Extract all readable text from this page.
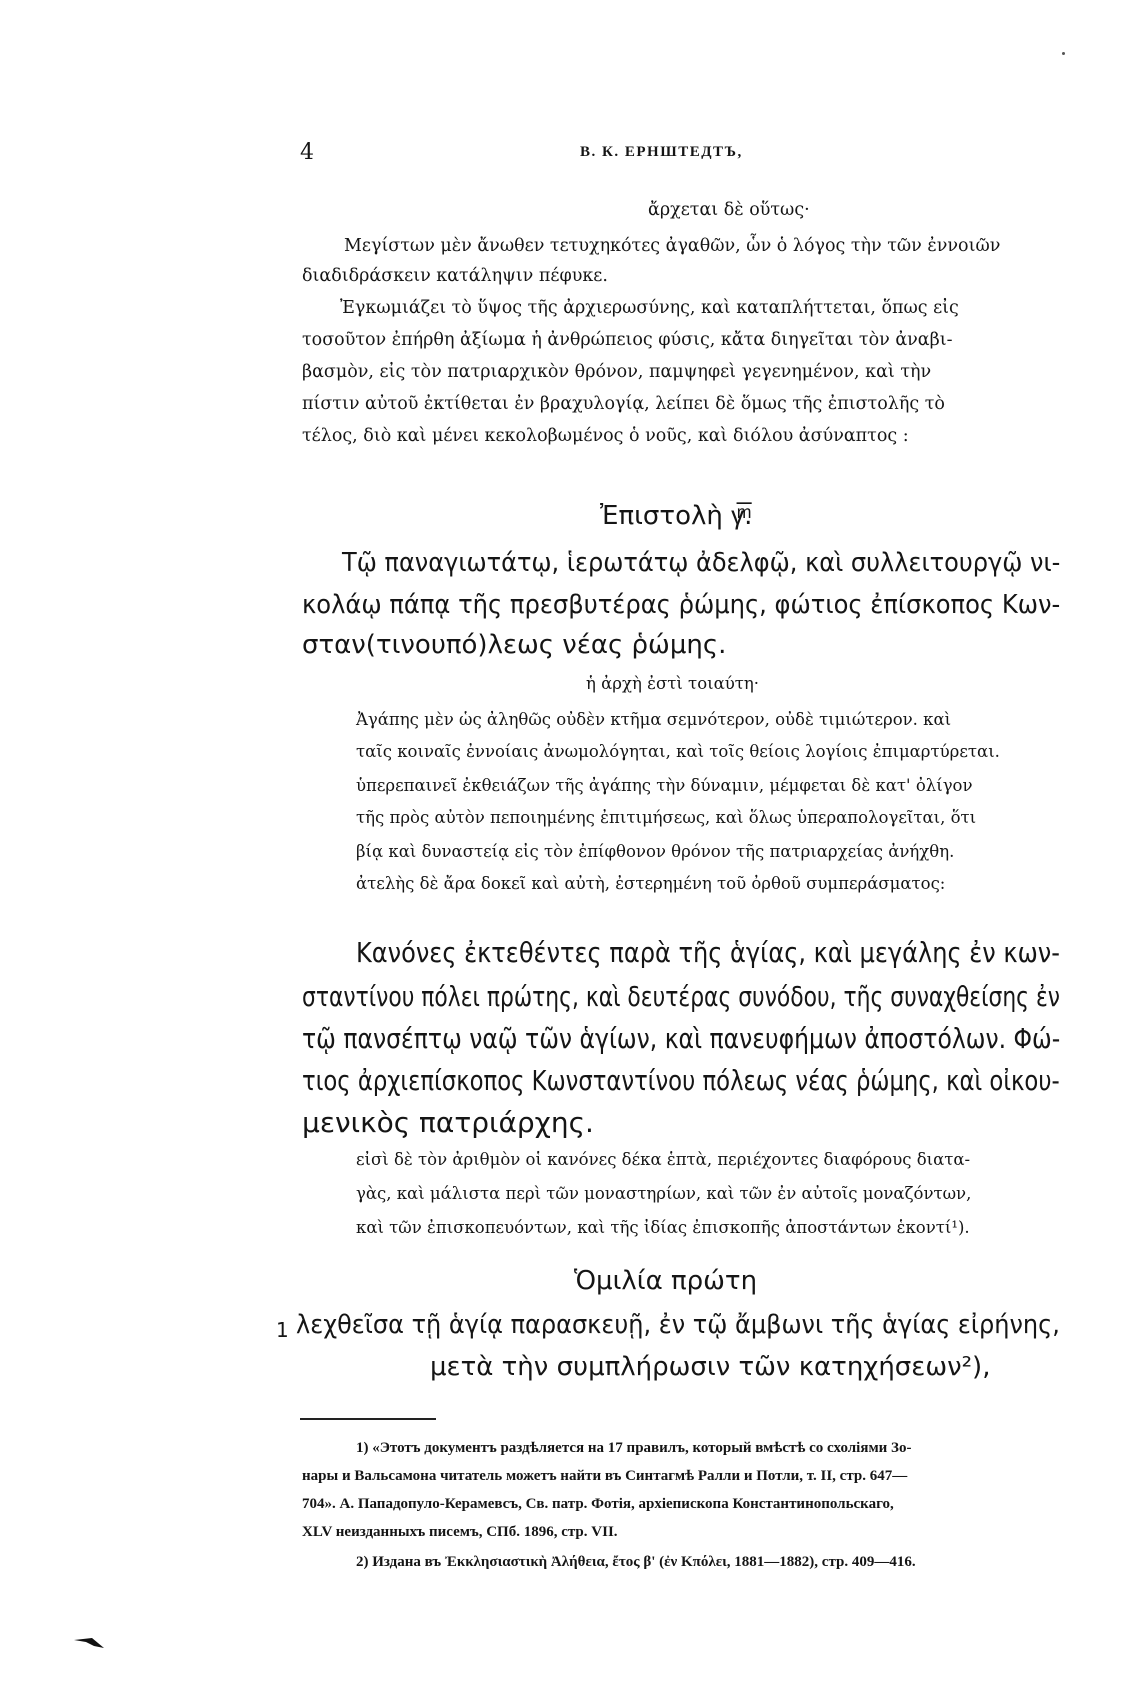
4	В. К. ЕРНШТЕДТЪ,
ἄρχεται δὲ οὕτως·
Μεγίστων μὲν ἄνωθεν τετυχηκότες ἀγαθῶν, ὧν ὁ λόγος τὴν τῶν ἐννοιῶν
διαδιδράσκειν κατάληψιν πέφυκε.
Ἐγκωμιάζει τὸ ὕψος τῆς ἀρχιερωσύνης, καὶ καταπλήττεται, ὅπως εἰς
τοσοῦτον ἐπήρθη ἀξίωμα ἡ ἀνθρώπειος φύσις, κἄτα διηγεῖται τὸν ἀναβι-
βασμὸν, εἰς τὸν πατριαρχικὸν θρόνον, παμψηφεὶ γεγενημένον, καὶ τὴν
πίστιν αὐτοῦ ἐκτίθεται ἐν βραχυλογίᾳ, λείπει δὲ ὅμως τῆς ἐπιστολῆς τὸ
τέλος, διὸ καὶ μένει κεκολοβωμένος ὁ νοῦς, καὶ διόλου ἀσύναπτος :
Ἐπιστολὴ γ̅ͫ.
Τῷ παναγιωτάτῳ, ἱερωτάτῳ ἀδελφῷ, καὶ συλλειτουργῷ νι-
κολάῳ πάπᾳ τῆς πρεσβυτέρας ῥώμης, φώτιος ἐπίσκοπος Κων-
σταν(τινουπό)λεως νέας ῥώμης.
ἡ ἀρχὴ ἐστὶ τοιαύτη·
Ἀγάπης μὲν ὡς ἀληθῶς οὐδὲν κτῆμα σεμνότερον, οὐδὲ τιμιώτερον. καὶ
ταῖς κοιναῖς ἐννοίαις ἀνωμολόγηται, καὶ τοῖς θείοις λογίοις ἐπιμαρτύρεται.
ὑπερεπαινεῖ ἐκθειάζων τῆς ἀγάπης τὴν δύναμιν, μέμφεται δὲ κατ' ὀλίγον
τῆς πρὸς αὐτὸν πεποιημένης ἐπιτιμήσεως, καὶ ὅλως ὑπεραπολογεῖται, ὅτι
βίᾳ καὶ δυναστείᾳ εἰς τὸν ἐπίφθονον θρόνον τῆς πατριαρχείας ἀνήχθη.
ἀτελὴς δὲ ἄρα δοκεῖ καὶ αὐτὴ, ἐστερημένη τοῦ ὀρθοῦ συμπεράσματος:
Κανόνες ἐκτεθέντες παρὰ τῆς ἁγίας, καὶ μεγάλης ἐν κων-
σταντίνου πόλει πρώτης, καὶ δευτέρας συνόδου, τῆς συναχθείσης ἐν
τῷ πανσέπτῳ ναῷ τῶν ἁγίων, καὶ πανευφήμων ἀποστόλων. Φώ-
τιος ἀρχιεπίσκοπος Κωνσταντίνου πόλεως νέας ῥώμης, καὶ οἰκου-
μενικὸς πατριάρχης.
εἰσὶ δὲ τὸν ἀριθμὸν οἱ κανόνες δέκα ἑπτὰ, περιέχοντες διαφόρους διατα-
γὰς, καὶ μάλιστα περὶ τῶν μοναστηρίων, καὶ τῶν ἐν αὐτοῖς μοναζόντων,
καὶ τῶν ἐπισκοπευόντων, καὶ τῆς ἰδίας ἐπισκοπῆς ἀποστάντων ἑκοντί¹).
Ὁμιλία πρώτη
1 λεχθεῖσα τῇ ἁγίᾳ παρασκευῇ, ἐν τῷ ἄμβωνι τῆς ἁγίας εἰρήνης,
μετὰ τὴν συμπλήρωσιν τῶν κατηχήσεων²),
1) «Этотъ документъ раздѣляется на 17 правилъ, который вмѣстѣ со схоліями Зо-
нары и Вальсамона читатель можетъ найти въ Синтагмѣ Ралли и Потли, т. II, стр. 647—
704». А. Пападопуло-Керамевсъ, Св. патр. Фотія, архіепископа Константинопольскаго,
XLV неизданныхъ писемъ, СПб. 1896, стр. VII.
2) Издана въ Ἐκκλησιαστικὴ Ἀλήθεια, ἔτος β' (ἐν Κπόλει, 1881—1882), стр. 409—416.
